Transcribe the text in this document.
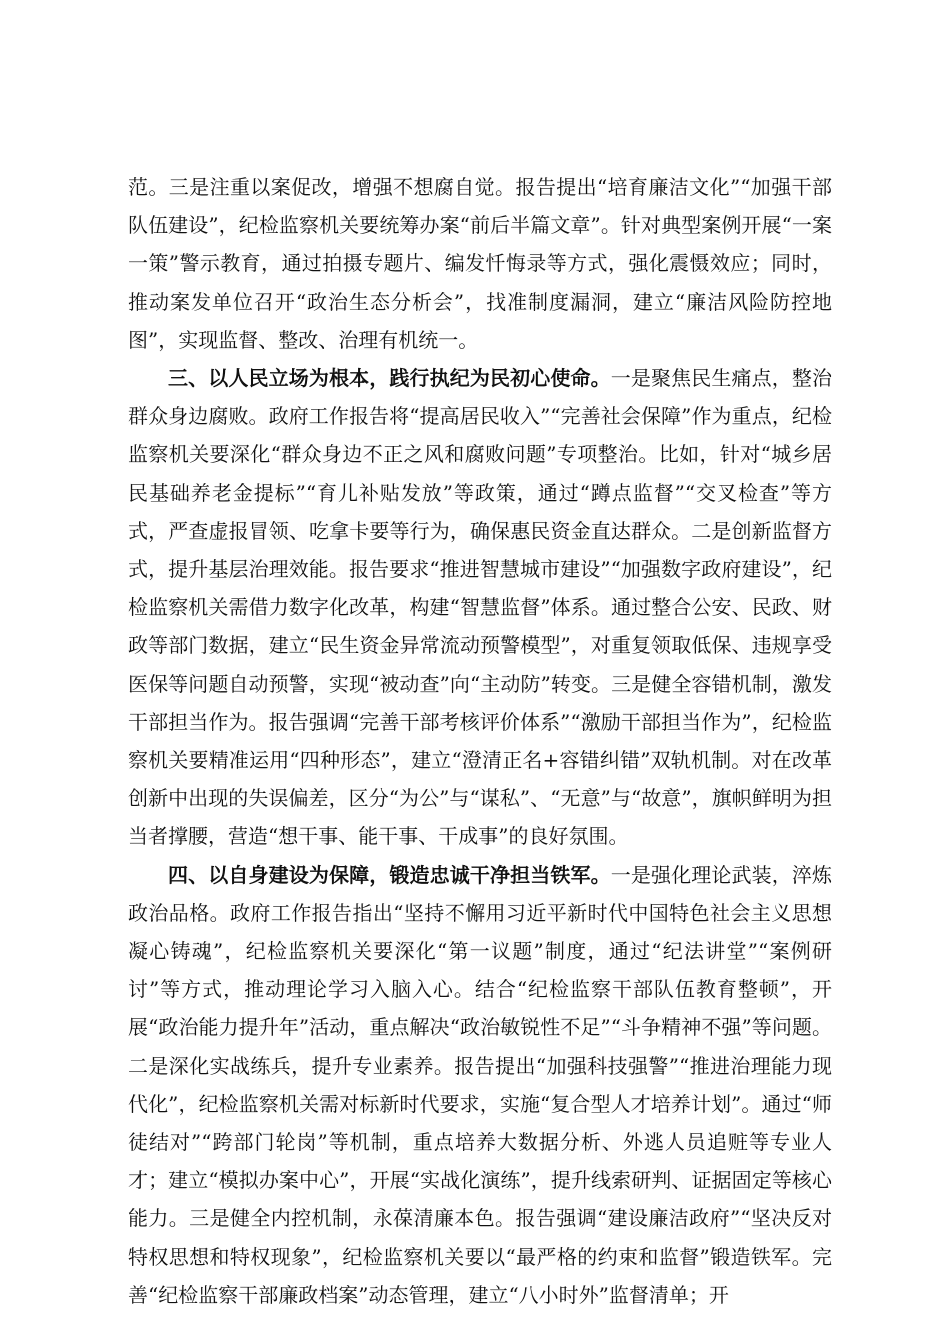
范。三是注重以案促改，增强不想腐自觉。报告提出“培育廉洁文化”“加强干部队伍建设”，纪检监察机关要统筹办案“前后半篇文章”。针对典型案例开展“一案一策”警示教育，通过拍摄专题片、编发忏悔录等方式，强化震慑效应；同时，推动案发单位召开“政治生态分析会”，找准制度漏洞，建立“廉洁风险防控地图”，实现监督、整改、治理有机统一。

三、以人民立场为根本，践行执纪为民初心使命。一是聚焦民生痛点，整治群众身边腐败。政府工作报告将“提高居民收入”“完善社会保障”作为重点，纪检监察机关要深化“群众身边不正之风和腐败问题”专项整治。比如，针对“城乡居民基础养老金提标”“育儿补贴发放”等政策，通过“蹲点监督”“交叉检查”等方式，严查虚报冒领、吃拿卡要等行为，确保惠民资金直达群众。二是创新监督方式，提升基层治理效能。报告要求“推进智慧城市建设”“加强数字政府建设”，纪检监察机关需借力数字化改革，构建“智慧监督”体系。通过整合公安、民政、财政等部门数据，建立“民生资金异常流动预警模型”，对重复领取低保、违规享受医保等问题自动预警，实现“被动查”向“主动防”转变。三是健全容错机制，激发干部担当作为。报告强调“完善干部考核评价体系”“激励干部担当作为”，纪检监察机关要精准运用“四种形态”，建立“澄清正名+容错纠错”双轨机制。对在改革创新中出现的失误偏差，区分“为公”与“谋私”、“无意”与“故意”，旗帜鲜明为担当者撑腰，营造“想干事、能干事、干成事”的良好氛围。

四、以自身建设为保障，锻造忠诚干净担当铁军。一是强化理论武装，淬炼政治品格。政府工作报告指出“坚持不懈用习近平新时代中国特色社会主义思想凝心铸魂”，纪检监察机关要深化“第一议题”制度，通过“纪法讲堂”“案例研讨”等方式，推动理论学习入脑入心。结合“纪检监察干部队伍教育整顿”，开展“政治能力提升年”活动，重点解决“政治敏锐性不足”“斗争精神不强”等问题。二是深化实战练兵，提升专业素养。报告提出“加强科技强警”“推进治理能力现代化”，纪检监察机关需对标新时代要求，实施“复合型人才培养计划”。通过“师徒结对”“跨部门轮岗”等机制，重点培养大数据分析、外逃人员追赃等专业人才；建立“模拟办案中心”，开展“实战化演练”，提升线索研判、证据固定等核心能力。三是健全内控机制，永葆清廉本色。报告强调“建设廉洁政府”“坚决反对特权思想和特权现象”，纪检监察机关要以“最严格的约束和监督”锻造铁军。完善“纪检监察干部廉政档案”动态管理，建立“八小时外”监督清单；开
